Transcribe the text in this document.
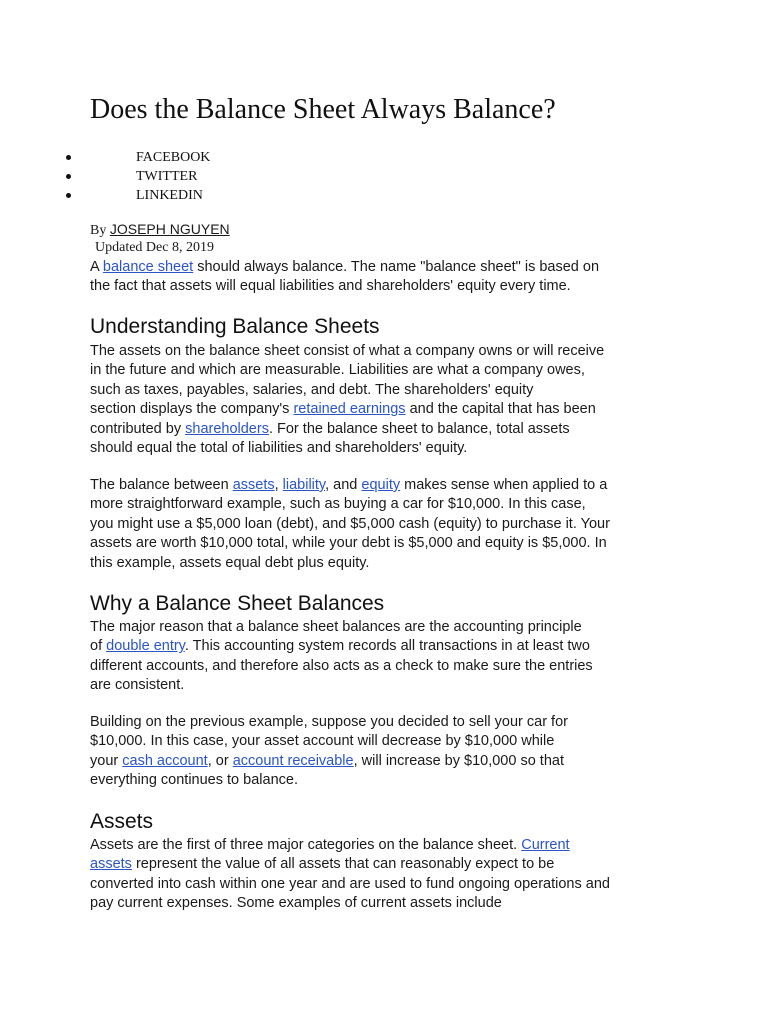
Does the Balance Sheet Always Balance?
FACEBOOK
TWITTER
LINKEDIN
By JOSEPH NGUYEN
Updated Dec 8, 2019
A balance sheet should always balance. The name "balance sheet" is based on
the fact that assets will equal liabilities and shareholders' equity every time.
Understanding Balance Sheets
The assets on the balance sheet consist of what a company owns or will receive
in the future and which are measurable. Liabilities are what a company owes,
such as taxes, payables, salaries, and debt. The shareholders' equity
section displays the company's retained earnings and the capital that has been
contributed by shareholders. For the balance sheet to balance, total assets
should equal the total of liabilities and shareholders' equity.
The balance between assets, liability, and equity makes sense when applied to a
more straightforward example, such as buying a car for $10,000. In this case,
you might use a $5,000 loan (debt), and $5,000 cash (equity) to purchase it. Your
assets are worth $10,000 total, while your debt is $5,000 and equity is $5,000. In
this example, assets equal debt plus equity.
Why a Balance Sheet Balances
The major reason that a balance sheet balances are the accounting principle
of double entry. This accounting system records all transactions in at least two
different accounts, and therefore also acts as a check to make sure the entries
are consistent.
Building on the previous example, suppose you decided to sell your car for
$10,000. In this case, your asset account will decrease by $10,000 while
your cash account, or account receivable, will increase by $10,000 so that
everything continues to balance.
Assets
Assets are the first of three major categories on the balance sheet. Current
assets represent the value of all assets that can reasonably expect to be
converted into cash within one year and are used to fund ongoing operations and
pay current expenses. Some examples of current assets include
